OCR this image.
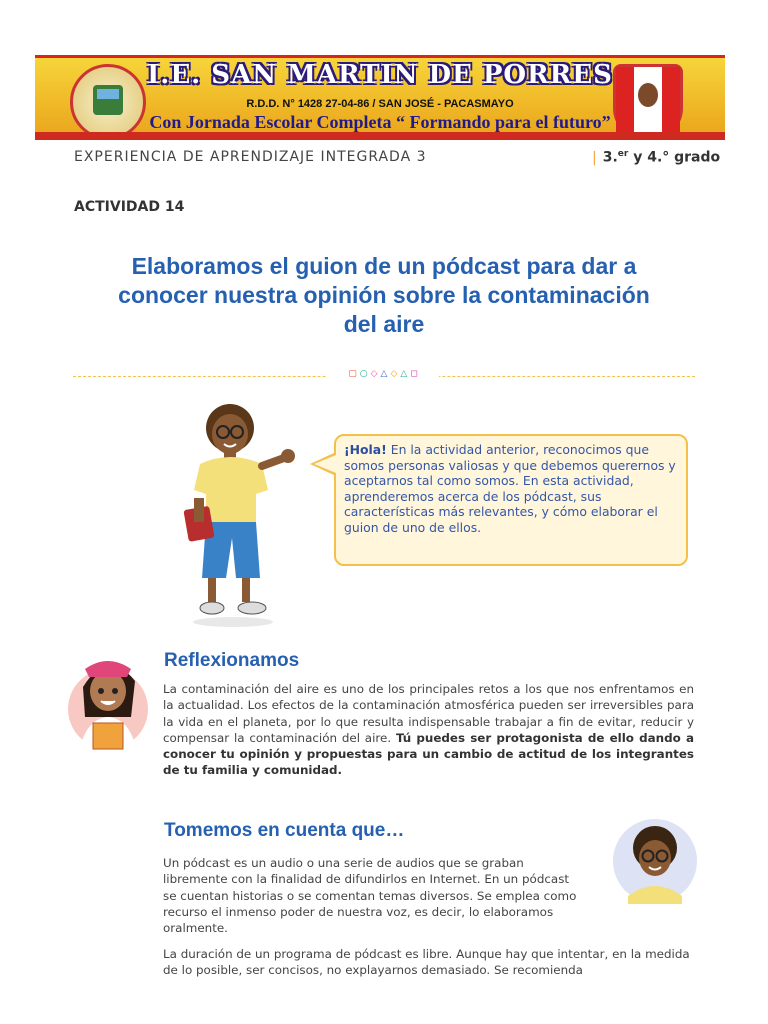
I.E. SAN MARTIN DE PORRES
R.D.D. N° 1428 27-04-86 / SAN JOSÉ - PACASMAYO
Con Jornada Escolar Completa “ Formando para el futuro”
EXPERIENCIA DE APRENDIZAJE INTEGRADA 3	| 3.$^{er}$ y 4.° grado
ACTIVIDAD 14
Elaboramos el guion de un pódcast para dar a conocer nuestra opinión sobre la contaminación del aire
▢ ○ ◇ △ ◇ △ ◻
¡Hola! En la actividad anterior, reconocimos que somos personas valiosas y que debemos querernos y aceptarnos tal como somos. En esta actividad, aprenderemos acerca de los pódcast, sus características más relevantes, y cómo elaborar el guion de uno de ellos.
Reflexionamos
La contaminación del aire es uno de los principales retos a los que nos enfrentamos en la actualidad. Los efectos de la contaminación atmosférica pueden ser irreversibles para la vida en el planeta, por lo que resulta indispensable trabajar a fin de evitar, reducir y compensar la contaminación del aire. Tú puedes ser protagonista de ello dando a conocer tu opinión y propuestas para un cambio de actitud de los integrantes de tu familia y comunidad.
Tomemos en cuenta que…
Un pódcast es un audio o una serie de audios que se graban libremente con la finalidad de difundirlos en Internet. En un pódcast se cuentan historias o se comentan temas diversos. Se emplea como recurso el inmenso poder de nuestra voz, es decir, lo elaboramos oralmente.
La duración de un programa de pódcast es libre. Aunque hay que intentar, en la medida de lo posible, ser concisos, no explayarnos demasiado. Se recomienda
